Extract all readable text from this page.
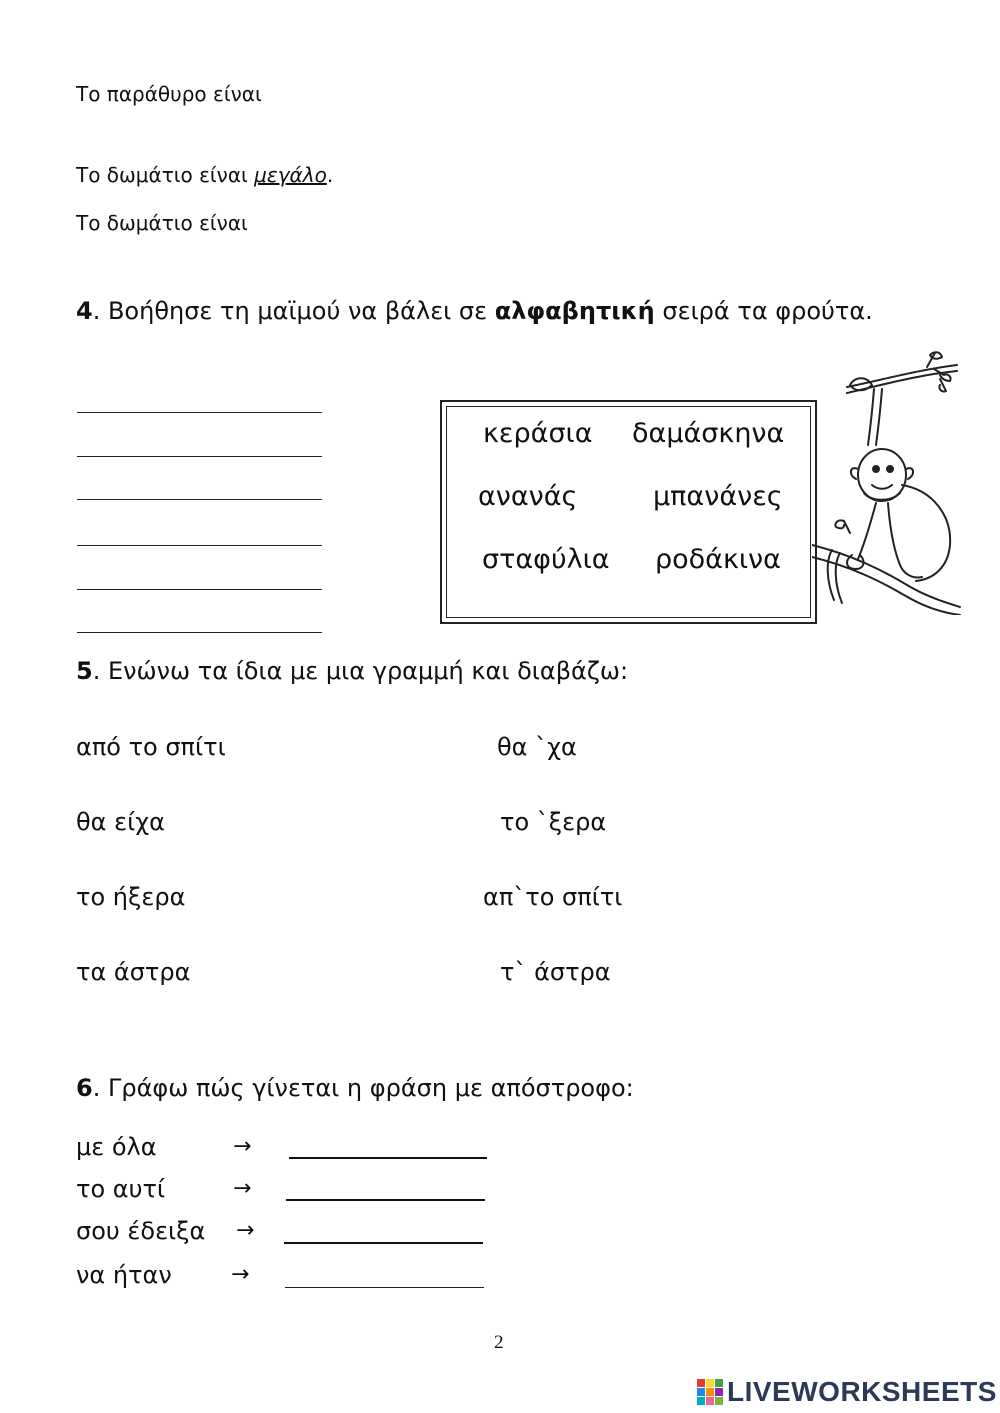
Το παράθυρο είναι
Το δωμάτιο είναι μεγάλο.
Το δωμάτιο είναι
4. Βοήθησε τη μαϊμού να βάλει σε αλφαβητική σειρά τα φρούτα.
κεράσια δαμάσκηνα
ανανάς	μπανάνες
σταφύλια ροδάκινα
5. Ενώνω τα ίδια με μια γραμμή και διαβάζω:
από το σπίτι
θα είχα
το ήξερα
τα άστρα
θα `χα
το `ξερα
απ`το σπίτι
τ` άστρα
6. Γράφω πώς γίνεται η φράση με απόστροφο:
με όλα
το αυτί
σου έδειξα
να ήταν
→
→
→
→
2
LIVEWORKSHEETS
